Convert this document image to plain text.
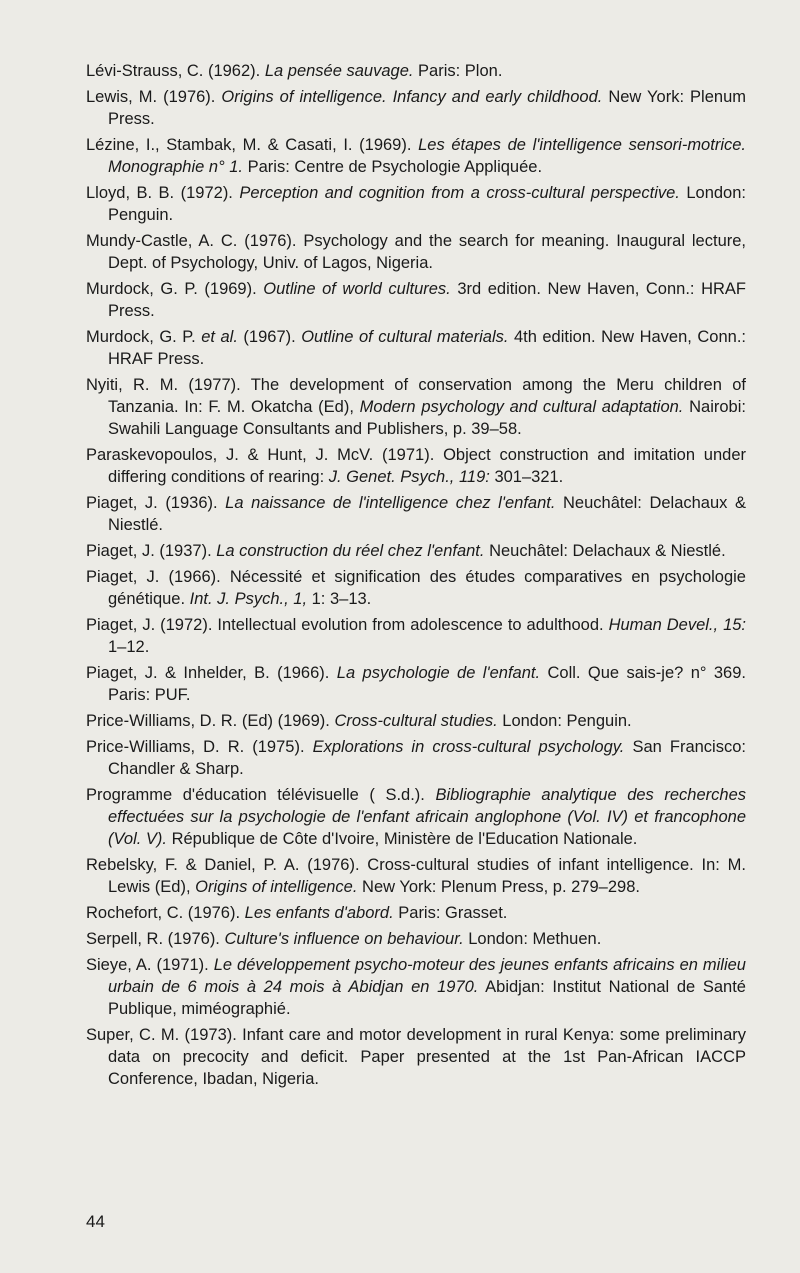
Lévi-Strauss, C. (1962). La pensée sauvage. Paris: Plon.

Lewis, M. (1976). Origins of intelligence. Infancy and early childhood. New York: Plenum Press.

Lézine, I., Stambak, M. & Casati, I. (1969). Les étapes de l'intelligence sensori-motrice. Monographie n° 1. Paris: Centre de Psychologie Appliquée.

Lloyd, B. B. (1972). Perception and cognition from a cross-cultural perspective. London: Penguin.

Mundy-Castle, A. C. (1976). Psychology and the search for meaning. Inaugural lecture, Dept. of Psychology, Univ. of Lagos, Nigeria.

Murdock, G. P. (1969). Outline of world cultures. 3rd edition. New Haven, Conn.: HRAF Press.

Murdock, G. P. et al. (1967). Outline of cultural materials. 4th edition. New Haven, Conn.: HRAF Press.

Nyiti, R. M. (1977). The development of conservation among the Meru children of Tanzania. In: F. M. Okatcha (Ed), Modern psychology and cultural adaptation. Nairobi: Swahili Language Consultants and Publishers, p. 39–58.

Paraskevopoulos, J. & Hunt, J. McV. (1971). Object construction and imitation under differing conditions of rearing: J. Genet. Psych., 119: 301–321.

Piaget, J. (1936). La naissance de l'intelligence chez l'enfant. Neuchâtel: Delachaux & Niestlé.

Piaget, J. (1937). La construction du réel chez l'enfant. Neuchâtel: Delachaux & Niestlé.

Piaget, J. (1966). Nécessité et signification des études comparatives en psychologie génétique. Int. J. Psych., 1, 1: 3–13.

Piaget, J. (1972). Intellectual evolution from adolescence to adulthood. Human Devel., 15: 1–12.

Piaget, J. & Inhelder, B. (1966). La psychologie de l'enfant. Coll. Que sais-je? n° 369. Paris: PUF.

Price-Williams, D. R. (Ed) (1969). Cross-cultural studies. London: Penguin.

Price-Williams, D. R. (1975). Explorations in cross-cultural psychology. San Francisco: Chandler & Sharp.

Programme d'éducation télévisuelle ( S.d.). Bibliographie analytique des recherches effectuées sur la psychologie de l'enfant africain anglophone (Vol. IV) et francophone (Vol. V). République de Côte d'Ivoire, Ministère de l'Education Nationale.

Rebelsky, F. & Daniel, P. A. (1976). Cross-cultural studies of infant intelligence. In: M. Lewis (Ed), Origins of intelligence. New York: Plenum Press, p. 279–298.

Rochefort, C. (1976). Les enfants d'abord. Paris: Grasset.

Serpell, R. (1976). Culture's influence on behaviour. London: Methuen.

Sieye, A. (1971). Le développement psycho-moteur des jeunes enfants africains en milieu urbain de 6 mois à 24 mois à Abidjan en 1970. Abidjan: Institut National de Santé Publique, miméographié.

Super, C. M. (1973). Infant care and motor development in rural Kenya: some preliminary data on precocity and deficit. Paper presented at the 1st Pan-African IACCP Conference, Ibadan, Nigeria.

44
